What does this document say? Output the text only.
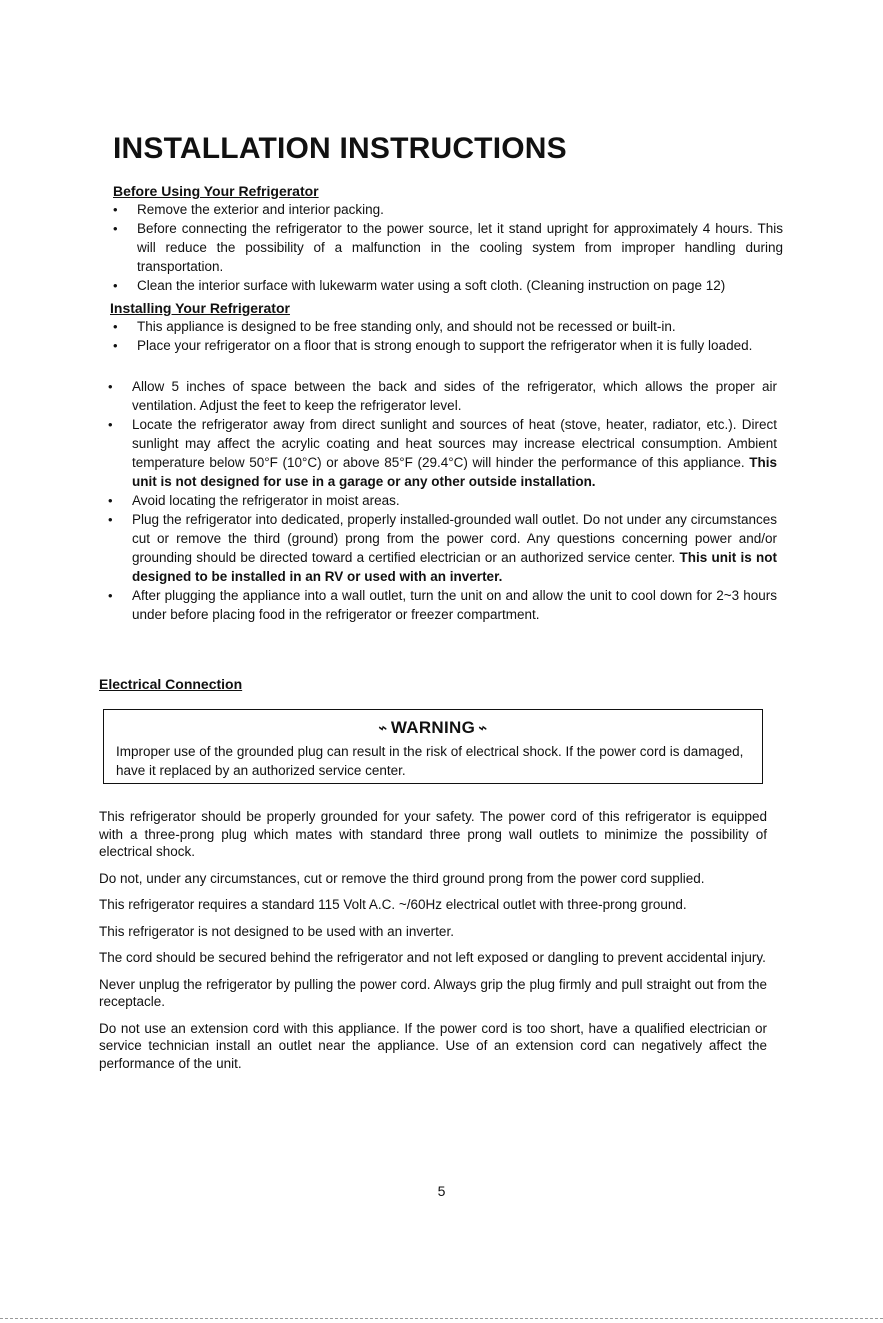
INSTALLATION INSTRUCTIONS
Before Using Your Refrigerator
•	Remove the exterior and interior packing.
•	Before connecting the refrigerator to the power source, let it stand upright for approximately 4 hours. This will reduce the possibility of a malfunction in the cooling system from improper handling during transportation.
•	Clean the interior surface with lukewarm water using a soft cloth. (Cleaning instruction on page 12)
Installing Your Refrigerator
•	This appliance is designed to be free standing only, and should not be recessed or built-in.
•	Place your refrigerator on a floor that is strong enough to support the refrigerator when it is fully loaded.
•	Allow 5 inches of space between the back and sides of the refrigerator, which allows the proper air ventilation. Adjust the feet to keep the refrigerator level.
•	Locate the refrigerator away from direct sunlight and sources of heat (stove, heater, radiator, etc.). Direct sunlight may affect the acrylic coating and heat sources may increase electrical consumption. Ambient temperature below 50°F (10°C) or above 85°F (29.4°C) will hinder the performance of this appliance. This unit is not designed for use in a garage or any other outside installation.
•	Avoid locating the refrigerator in moist areas.
•	Plug the refrigerator into dedicated, properly installed-grounded wall outlet. Do not under any circumstances cut or remove the third (ground) prong from the power cord. Any questions concerning power and/or grounding should be directed toward a certified electrician or an authorized service center. This unit is not designed to be installed in an RV or used with an inverter.
•	After plugging the appliance into a wall outlet, turn the unit on and allow the unit to cool down for 2~3 hours under before placing food in the refrigerator or freezer compartment.
Electrical Connection
⌁WARNING⌁
Improper use of the grounded plug can result in the risk of electrical shock. If the power cord is damaged, have it replaced by an authorized service center.

This refrigerator should be properly grounded for your safety. The power cord of this refrigerator is equipped with a three-prong plug which mates with standard three prong wall outlets to minimize the possibility of electrical shock.

Do not, under any circumstances, cut or remove the third ground prong from the power cord supplied.

This refrigerator requires a standard 115 Volt A.C. ~/60Hz electrical outlet with three-prong ground.

This refrigerator is not designed to be used with an inverter.

The cord should be secured behind the refrigerator and not left exposed or dangling to prevent accidental injury.

Never unplug the refrigerator by pulling the power cord. Always grip the plug firmly and pull straight out from the receptacle.

Do not use an extension cord with this appliance. If the power cord is too short, have a qualified electrician or service technician install an outlet near the appliance. Use of an extension cord can negatively affect the performance of the unit.

5
